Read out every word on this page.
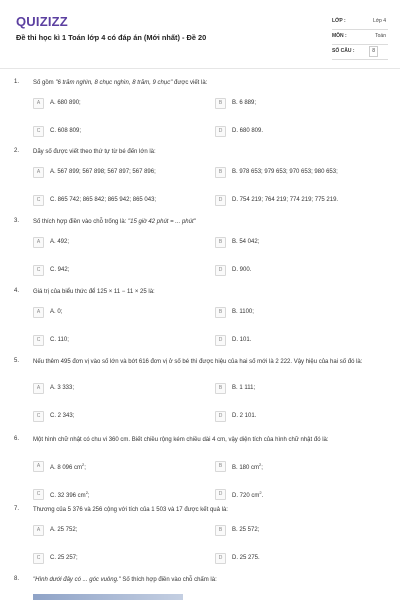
QUIZIZZ
Đề thi học kì 1 Toán lớp 4 có đáp án (Mới nhất) - Đề 20
LỚP :	Lớp 4
MÔN :	Toán
SỐ CÂU :	8
1. Số gồm "6 trăm nghìn, 8 chục nghìn, 8 trăm, 9 chục" được viết là:
A	A. 680 890;	B	B. 6 889;
C	C. 608 809;	D	D. 680 809.
2. Dãy số được viết theo thứ tự từ bé đến lớn là:
A	A. 567 899; 567 898; 567 897; 567 896;	B	B. 978 653; 979 653; 970 653; 980 653;
C	C. 865 742; 865 842; 865 942; 865 043;	D	D. 754 219; 764 219; 774 219; 775 219.
3. Số thích hợp điền vào chỗ trống là: "15 giờ 42 phút = ... phút"
A	A. 492;	B	B. 54 042;
C	C. 942;	D	D. 900.
4. Giá trị của biểu thức để 125 × 11 − 11 × 25 là:
A	A. 0;	B	B. 1100;
C	C. 110;	D	D. 101.
5. Nếu thêm 495 đơn vị vào số lớn và bớt 616 đơn vị ở số bé thì được hiệu của hai số mới là 2 222. Vậy hiệu của hai số đó là:
A	A. 3 333;	B	B. 1 111;
C	C. 2 343;	D	D. 2 101.
6. Một hình chữ nhật có chu vi 360 cm. Biết chiều rộng kém chiều dài 4 cm, vậy diện tích của hình chữ nhật đó là:
A	A. 8 096 $cm^2$;	B	B. 180 $cm^2$;
C	C. 32 396 $cm^2$;	D	D. 720 $cm^2$.
7. Thương của 5 376 và 256 cộng với tích của 1 503 và 17 được kết quả là:
A	A. 25 752;	B	B. 25 572;
C	C. 25 257;	D	D. 25 275.
8. "Hình dưới đây có ... góc vuông." Số thích hợp điền vào chỗ chấm là:
